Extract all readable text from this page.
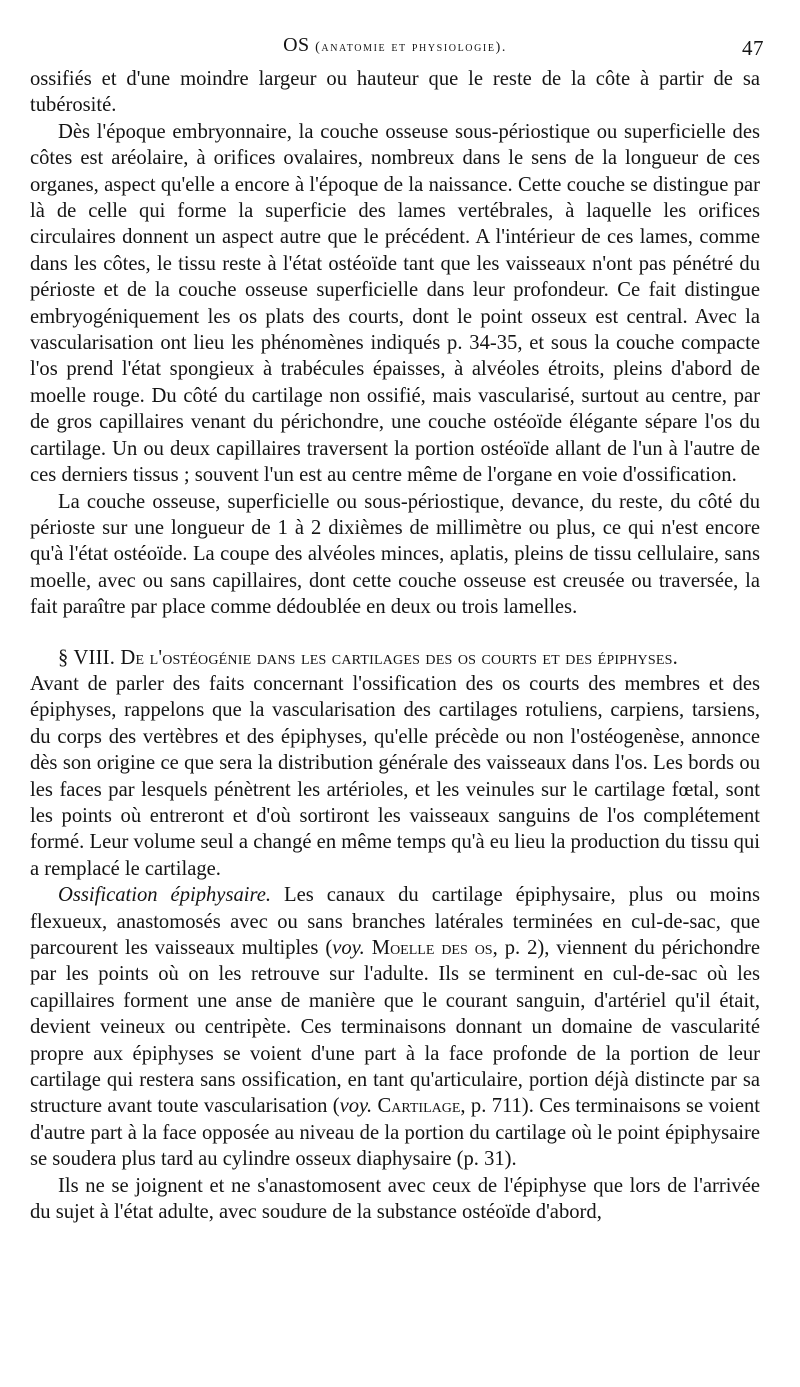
OS (anatomie et physiologie).	47

ossifiés et d'une moindre largeur ou hauteur que le reste de la côte à partir de sa tubérosité.

Dès l'époque embryonnaire, la couche osseuse sous-périostique ou superficielle des côtes est aréolaire, à orifices ovalaires, nombreux dans le sens de la longueur de ces organes, aspect qu'elle a encore à l'époque de la naissance. Cette couche se distingue par là de celle qui forme la superficie des lames vertébrales, à laquelle les orifices circulaires donnent un aspect autre que le précédent. A l'intérieur de ces lames, comme dans les côtes, le tissu reste à l'état ostéoïde tant que les vaisseaux n'ont pas pénétré du périoste et de la couche osseuse superficielle dans leur profondeur. Ce fait distingue embryogéniquement les os plats des courts, dont le point osseux est central. Avec la vascularisation ont lieu les phénomènes indiqués p. 34-35, et sous la couche compacte l'os prend l'état spongieux à trabécules épaisses, à alvéoles étroits, pleins d'abord de moelle rouge. Du côté du cartilage non ossifié, mais vascularisé, surtout au centre, par de gros capillaires venant du périchondre, une couche ostéoïde élégante sépare l'os du cartilage. Un ou deux capillaires traversent la portion ostéoïde allant de l'un à l'autre de ces derniers tissus ; souvent l'un est au centre même de l'organe en voie d'ossification.

La couche osseuse, superficielle ou sous-périostique, devance, du reste, du côté du périoste sur une longueur de 1 à 2 dixièmes de millimètre ou plus, ce qui n'est encore qu'à l'état ostéoïde. La coupe des alvéoles minces, aplatis, pleins de tissu cellulaire, sans moelle, avec ou sans capillaires, dont cette couche osseuse est creusée ou traversée, la fait paraître par place comme dédoublée en deux ou trois lamelles.

§ VIII. De l'ostéogénie dans les cartilages des os courts et des épiphyses.

Avant de parler des faits concernant l'ossification des os courts des membres et des épiphyses, rappelons que la vascularisation des cartilages rotuliens, carpiens, tarsiens, du corps des vertèbres et des épiphyses, qu'elle précède ou non l'ostéogenèse, annonce dès son origine ce que sera la distribution générale des vaisseaux dans l'os. Les bords ou les faces par lesquels pénètrent les artérioles, et les veinules sur le cartilage fœtal, sont les points où entreront et d'où sortiront les vaisseaux sanguins de l'os complétement formé. Leur volume seul a changé en même temps qu'à eu lieu la production du tissu qui a remplacé le cartilage.

Ossification épiphysaire. Les canaux du cartilage épiphysaire, plus ou moins flexueux, anastomosés avec ou sans branches latérales terminées en cul-de-sac, que parcourent les vaisseaux multiples (voy. Moelle des os, p. 2), viennent du périchondre par les points où on les retrouve sur l'adulte. Ils se terminent en cul-de-sac où les capillaires forment une anse de manière que le courant sanguin, d'artériel qu'il était, devient veineux ou centripète. Ces terminaisons donnant un domaine de vascularité propre aux épiphyses se voient d'une part à la face profonde de la portion de leur cartilage qui restera sans ossification, en tant qu'articulaire, portion déjà distincte par sa structure avant toute vascularisation (voy. Cartilage, p. 711). Ces terminaisons se voient d'autre part à la face opposée au niveau de la portion du cartilage où le point épiphysaire se soudera plus tard au cylindre osseux diaphysaire (p. 31).

Ils ne se joignent et ne s'anastomosent avec ceux de l'épiphyse que lors de l'arrivée du sujet à l'état adulte, avec soudure de la substance ostéoïde d'abord,
